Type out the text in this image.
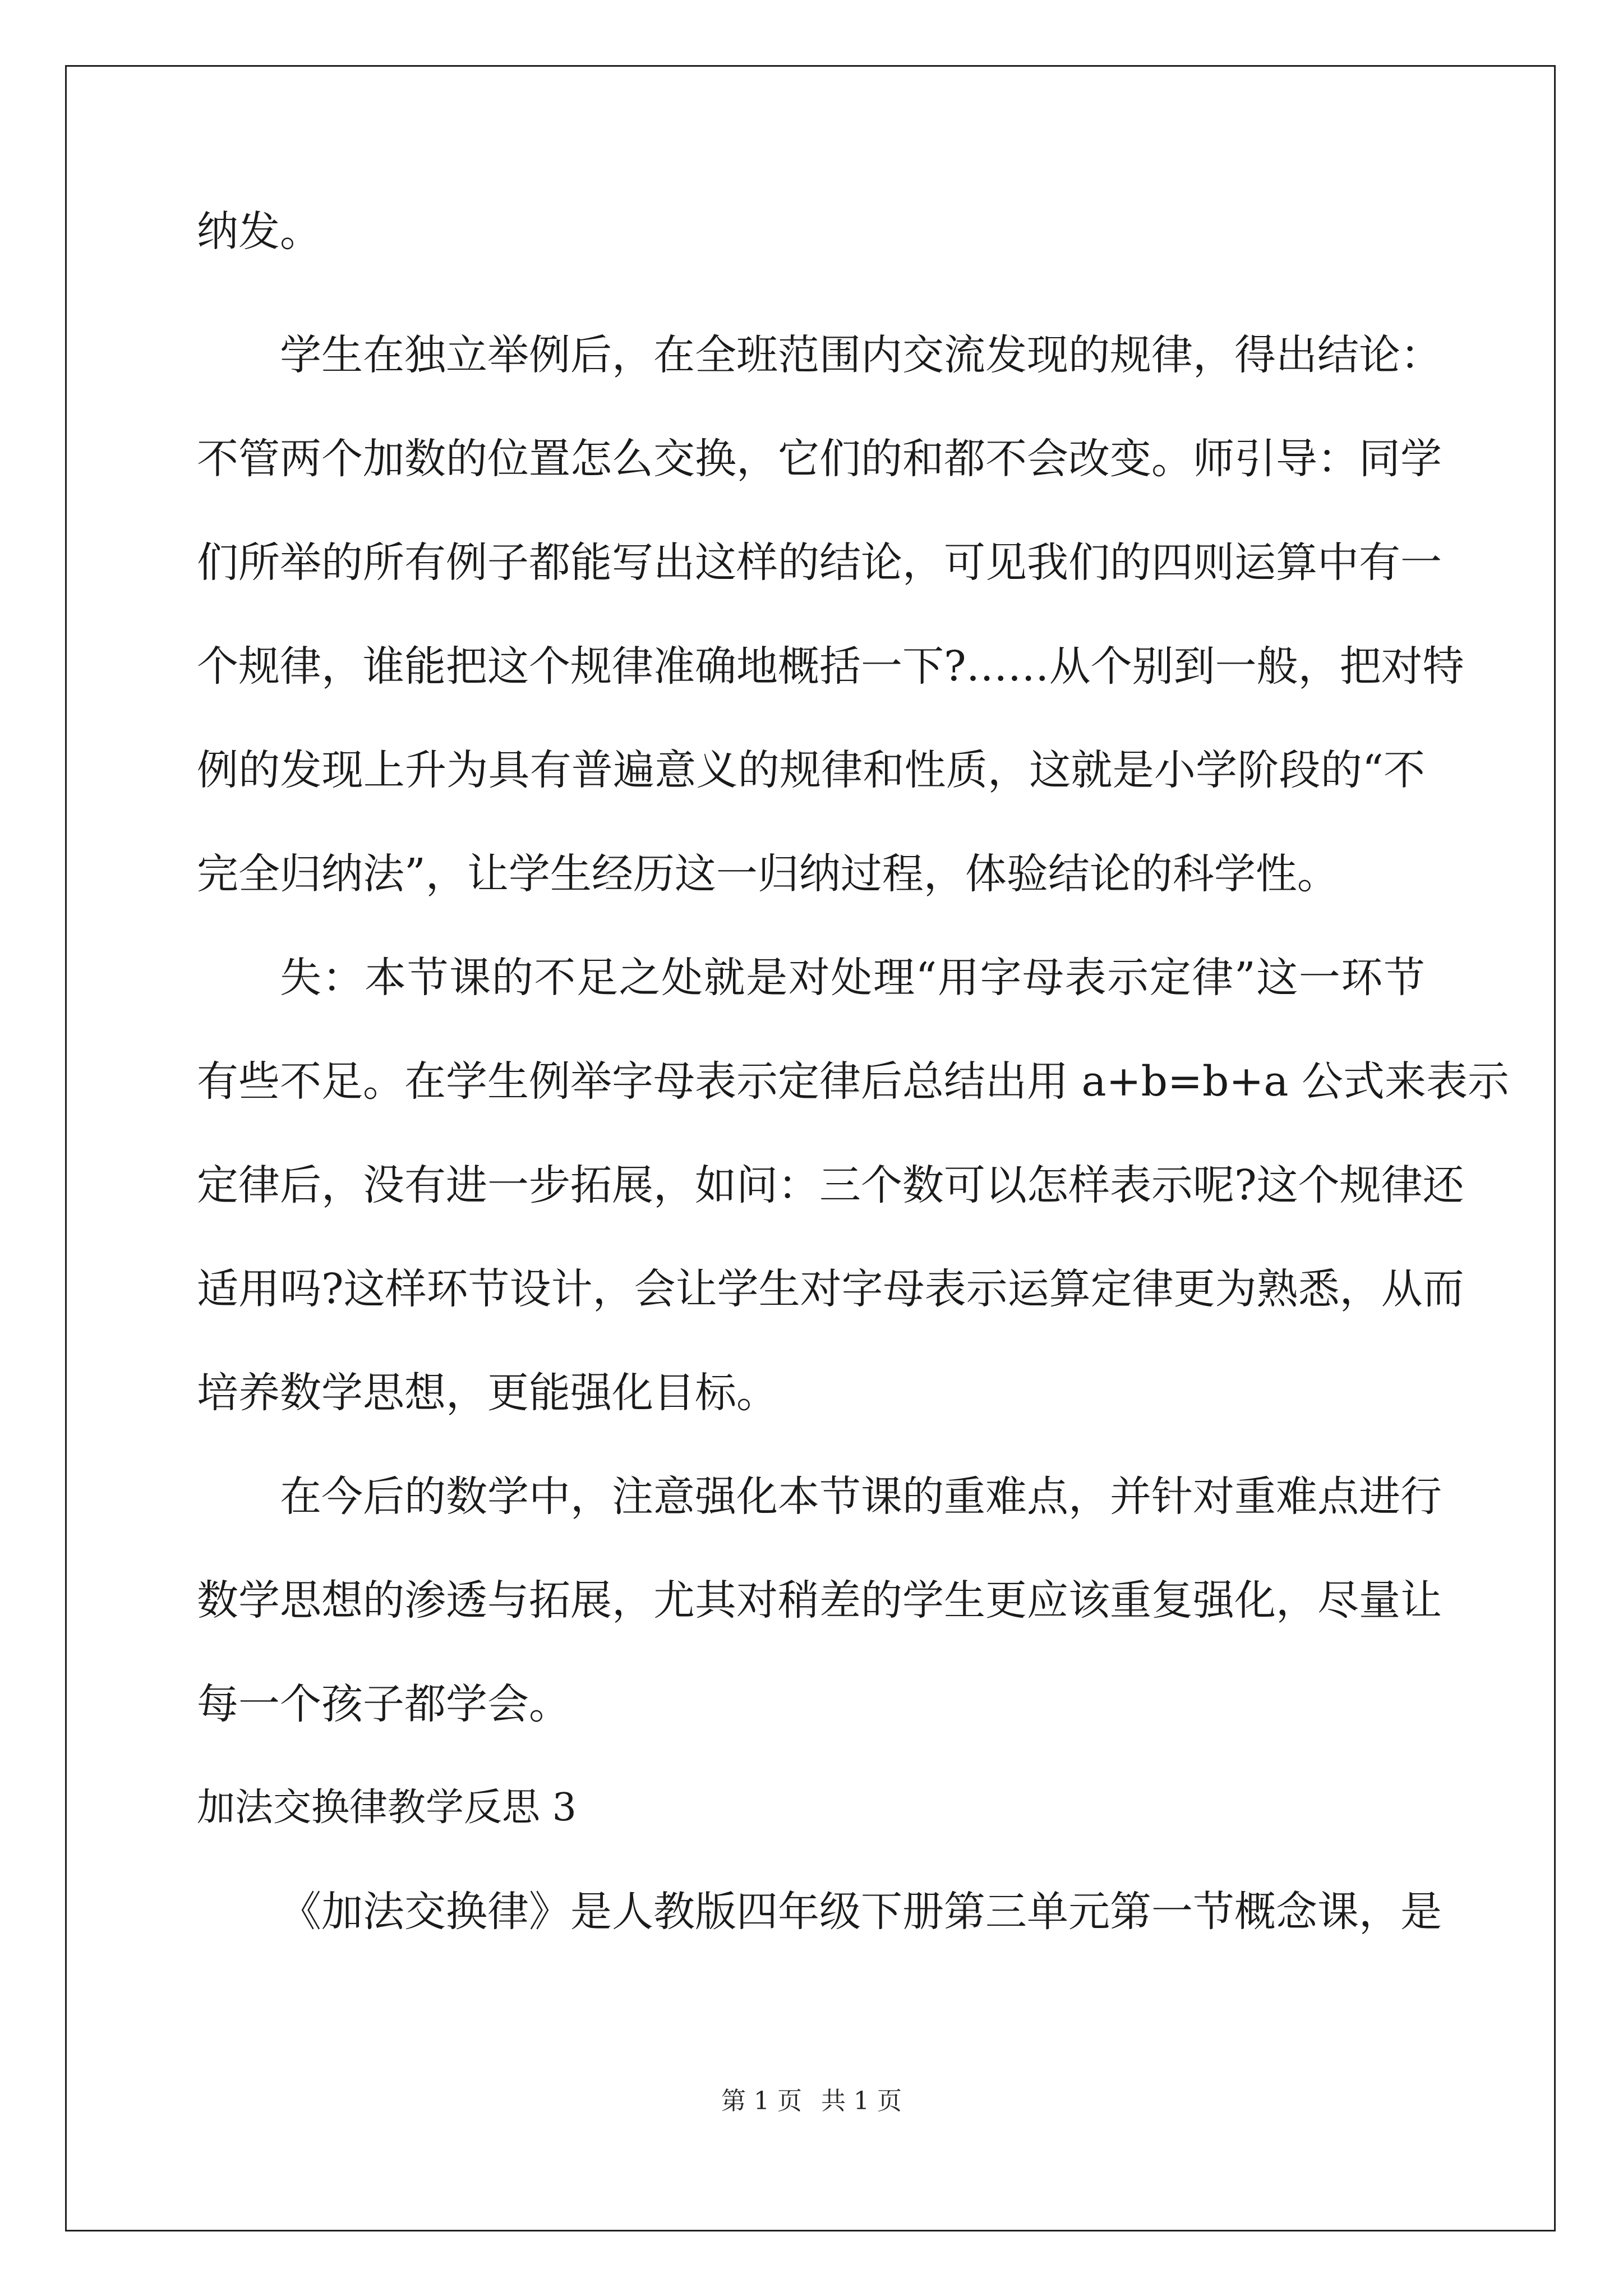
纳发。
学生在独立举例后，在全班范围内交流发现的规律，得出结论：
不管两个加数的位置怎么交换，它们的和都不会改变。师引导：同学
们所举的所有例子都能写出这样的结论，可见我们的四则运算中有一
个规律，谁能把这个规律准确地概括一下?……从个别到一般，把对特
例的发现上升为具有普遍意义的规律和性质，这就是小学阶段的“不
完全归纳法”，让学生经历这一归纳过程，体验结论的科学性。
失：本节课的不足之处就是对处理“用字母表示定律”这一环节
有些不足。在学生例举字母表示定律后总结出用 a+b=b+a 公式来表示
定律后，没有进一步拓展，如问：三个数可以怎样表示呢?这个规律还
适用吗?这样环节设计，会让学生对字母表示运算定律更为熟悉，从而
培养数学思想，更能强化目标。
在今后的数学中，注意强化本节课的重难点，并针对重难点进行
数学思想的渗透与拓展，尤其对稍差的学生更应该重复强化，尽量让
每一个孩子都学会。
加法交换律教学反思 3
《加法交换律》是人教版四年级下册第三单元第一节概念课，是
第 1 页 共 1 页
